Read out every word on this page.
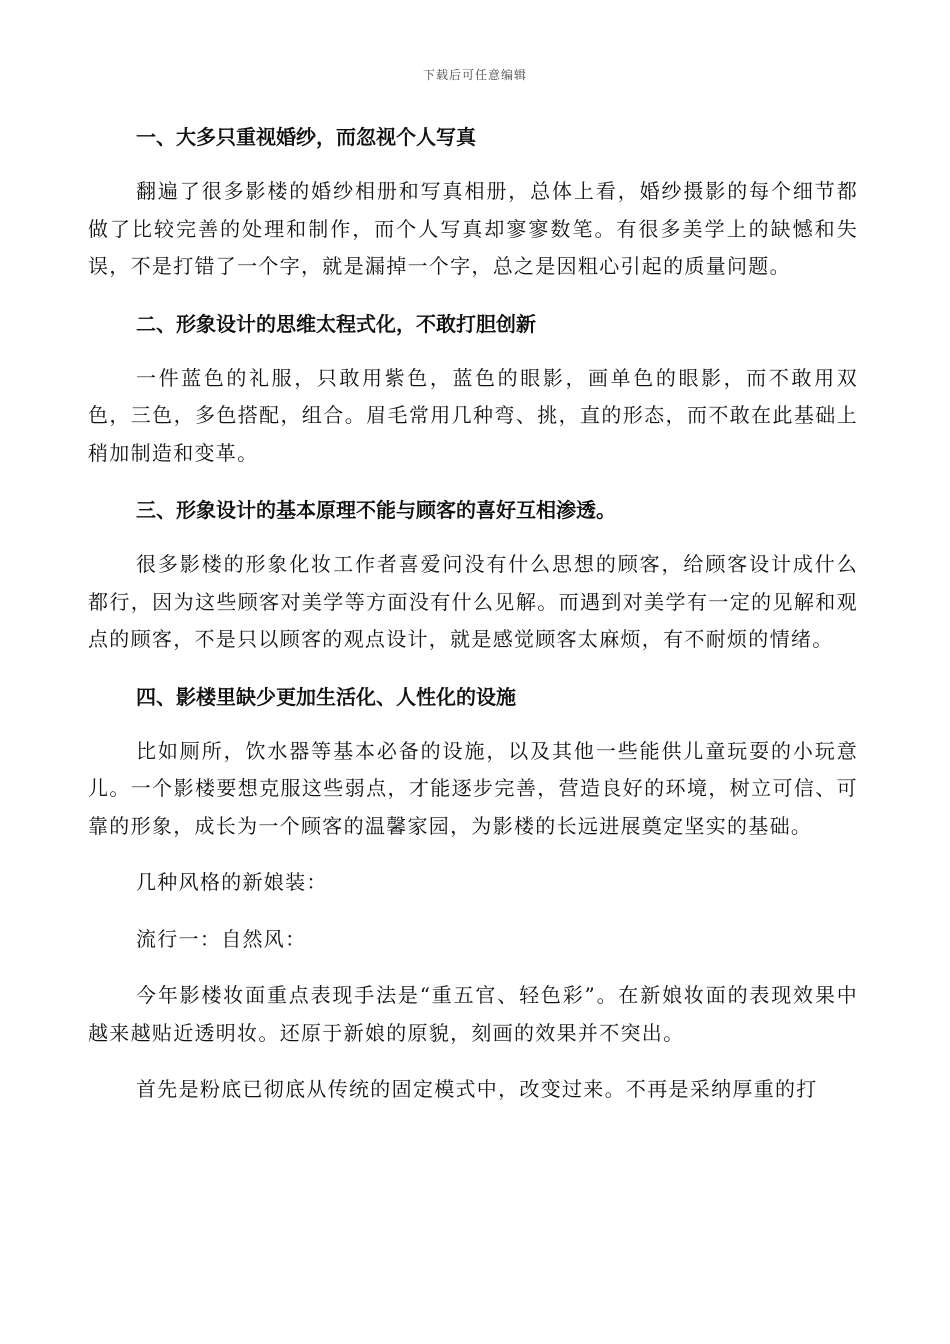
下载后可任意编辑
一、大多只重视婚纱，而忽视个人写真

翻遍了很多影楼的婚纱相册和写真相册，总体上看，婚纱摄影的每个细节都做了比较完善的处理和制作，而个人写真却寥寥数笔。有很多美学上的缺憾和失误，不是打错了一个字，就是漏掉一个字，总之是因粗心引起的质量问题。

二、形象设计的思维太程式化，不敢打胆创新

一件蓝色的礼服，只敢用紫色，蓝色的眼影，画单色的眼影，而不敢用双色，三色，多色搭配，组合。眉毛常用几种弯、挑，直的形态，而不敢在此基础上稍加制造和变革。

三、形象设计的基本原理不能与顾客的喜好互相渗透。

很多影楼的形象化妆工作者喜爱问没有什么思想的顾客，给顾客设计成什么都行，因为这些顾客对美学等方面没有什么见解。而遇到对美学有一定的见解和观点的顾客，不是只以顾客的观点设计，就是感觉顾客太麻烦，有不耐烦的情绪。

四、影楼里缺少更加生活化、人性化的设施

比如厕所，饮水器等基本必备的设施，以及其他一些能供儿童玩耍的小玩意儿。一个影楼要想克服这些弱点，才能逐步完善，营造良好的环境，树立可信、可靠的形象，成长为一个顾客的温馨家园，为影楼的长远进展奠定坚实的基础。

几种风格的新娘装：

流行一：自然风：

今年影楼妆面重点表现手法是“重五官、轻色彩”。在新娘妆面的表现效果中越来越贴近透明妆。还原于新娘的原貌，刻画的效果并不突出。

首先是粉底已彻底从传统的固定模式中，改变过来。不再是采纳厚重的打
